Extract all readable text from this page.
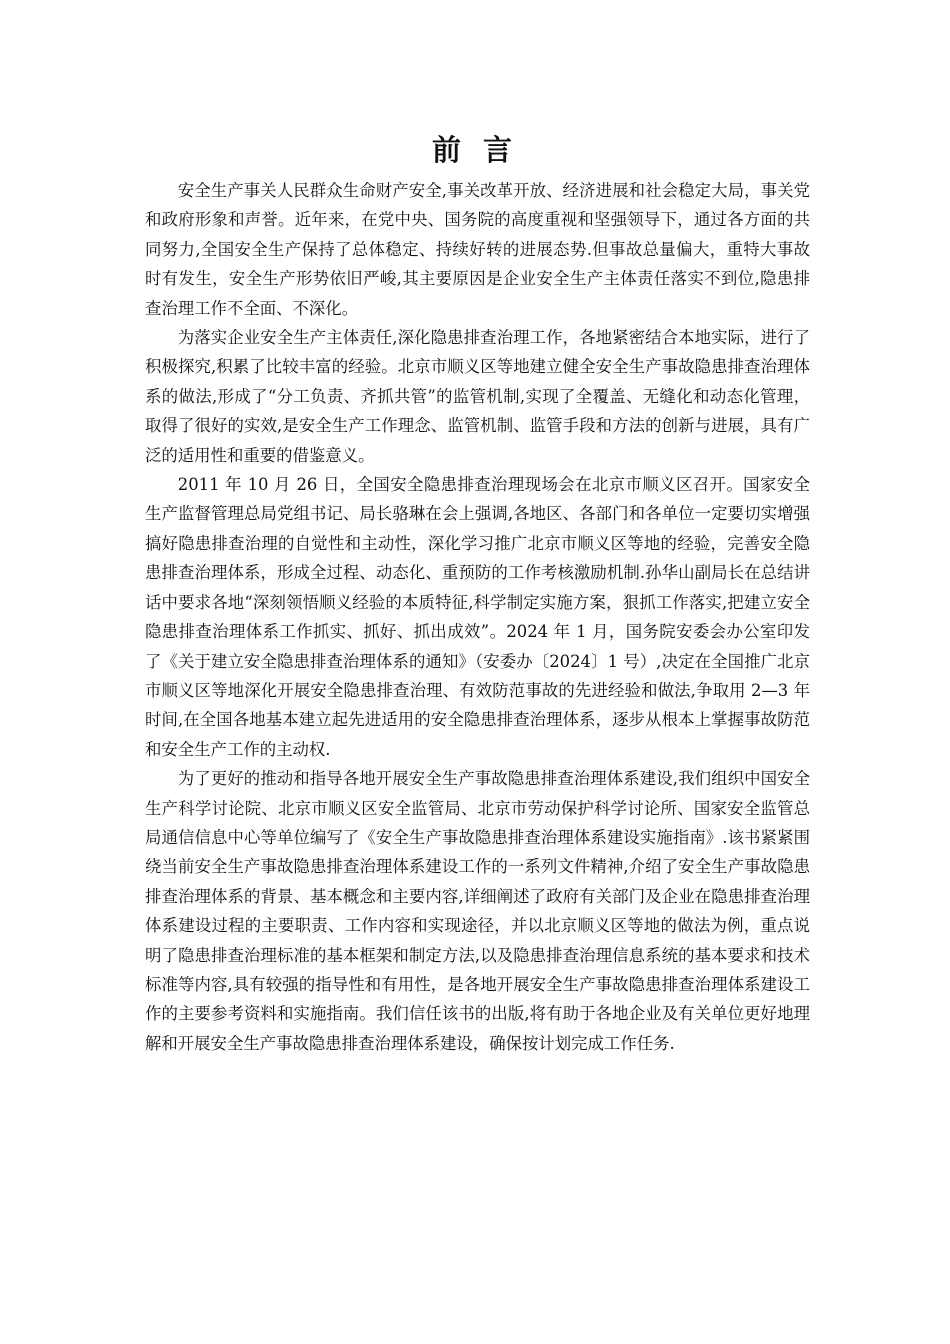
前 言

安全生产事关人民群众生命财产安全,事关改革开放、经济进展和社会稳定大局，事关党和政府形象和声誉。近年来，在党中央、国务院的高度重视和坚强领导下，通过各方面的共同努力,全国安全生产保持了总体稳定、持续好转的进展态势.但事故总量偏大，重特大事故时有发生，安全生产形势依旧严峻,其主要原因是企业安全生产主体责任落实不到位,隐患排查治理工作不全面、不深化。

为落实企业安全生产主体责任,深化隐患排查治理工作，各地紧密结合本地实际，进行了积极探究,积累了比较丰富的经验。北京市顺义区等地建立健全安全生产事故隐患排查治理体系的做法,形成了“分工负责、齐抓共管”的监管机制,实现了全覆盖、无缝化和动态化管理，取得了很好的实效,是安全生产工作理念、监管机制、监管手段和方法的创新与进展，具有广泛的适用性和重要的借鉴意义。

2011 年 10 月 26 日，全国安全隐患排查治理现场会在北京市顺义区召开。国家安全生产监督管理总局党组书记、局长骆琳在会上强调,各地区、各部门和各单位一定要切实增强搞好隐患排查治理的自觉性和主动性，深化学习推广北京市顺义区等地的经验，完善安全隐患排查治理体系，形成全过程、动态化、重预防的工作考核激励机制.孙华山副局长在总结讲话中要求各地“深刻领悟顺义经验的本质特征,科学制定实施方案，狠抓工作落实,把建立安全隐患排查治理体系工作抓实、抓好、抓出成效”。2024 年 1 月，国务院安委会办公室印发了《关于建立安全隐患排查治理体系的通知》（安委办〔2024〕1 号）,决定在全国推广北京市顺义区等地深化开展安全隐患排查治理、有效防范事故的先进经验和做法,争取用 2—3 年时间,在全国各地基本建立起先进适用的安全隐患排查治理体系，逐步从根本上掌握事故防范和安全生产工作的主动权.

为了更好的推动和指导各地开展安全生产事故隐患排查治理体系建设,我们组织中国安全生产科学讨论院、北京市顺义区安全监管局、北京市劳动保护科学讨论所、国家安全监管总局通信信息中心等单位编写了《安全生产事故隐患排查治理体系建设实施指南》.该书紧紧围绕当前安全生产事故隐患排查治理体系建设工作的一系列文件精神,介绍了安全生产事故隐患排查治理体系的背景、基本概念和主要内容,详细阐述了政府有关部门及企业在隐患排查治理体系建设过程的主要职责、工作内容和实现途径，并以北京顺义区等地的做法为例，重点说明了隐患排查治理标准的基本框架和制定方法,以及隐患排查治理信息系统的基本要求和技术标准等内容,具有较强的指导性和有用性，是各地开展安全生产事故隐患排查治理体系建设工作的主要参考资料和实施指南。我们信任该书的出版,将有助于各地企业及有关单位更好地理解和开展安全生产事故隐患排查治理体系建设，确保按计划完成工作任务.
